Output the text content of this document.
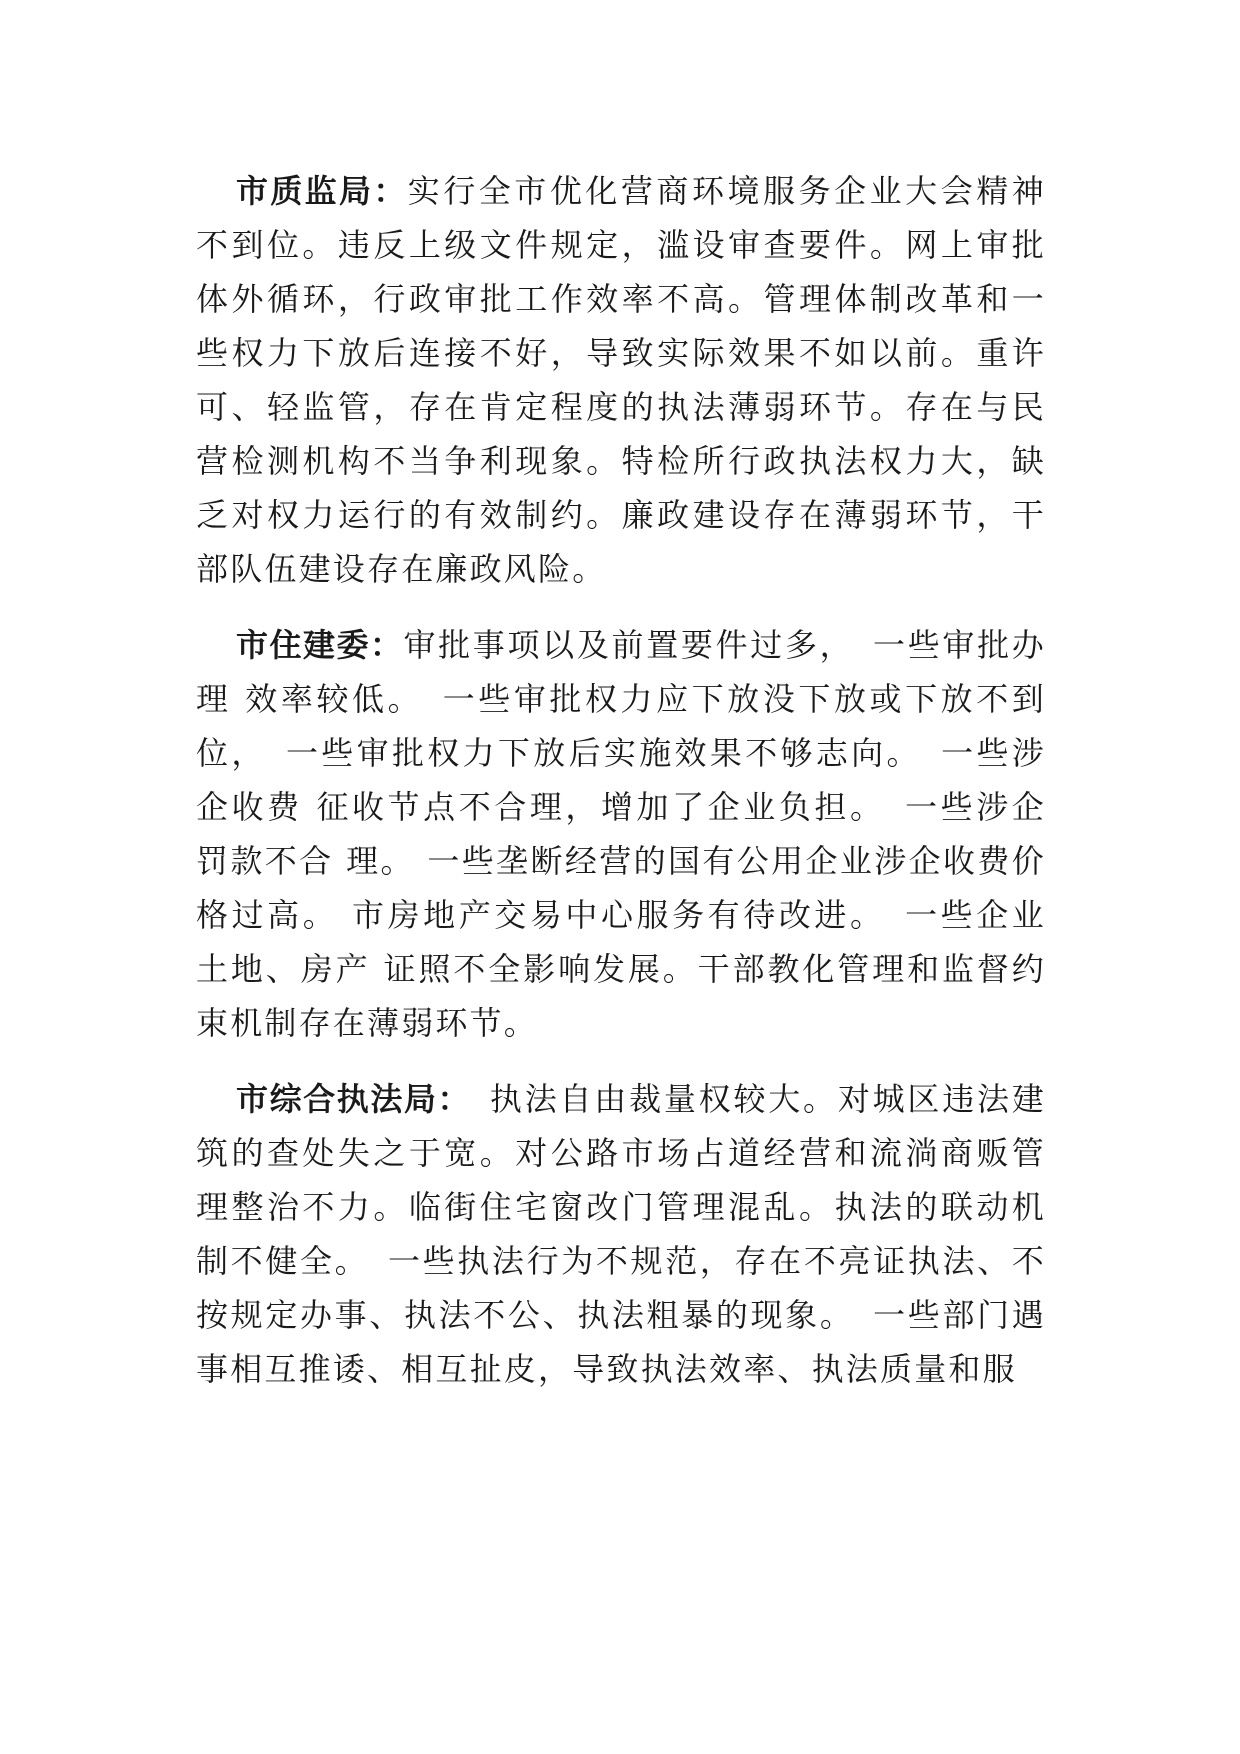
市质监局：实行全市优化营商环境服务企业大会精神不到位。违反上级文件规定，滥设审查要件。网上审批体外循环，行政审批工作效率不高。管理体制改革和一些权力下放后连接不好，导致实际效果不如以前。重许可、轻监管，存在肯定程度的执法薄弱环节。存在与民营检测机构不当争利现象。特检所行政执法权力大，缺乏对权力运行的有效制约。廉政建设存在薄弱环节，干部队伍建设存在廉政风险。

市住建委：审批事项以及前置要件过多，　一些审批办理 效率较低。　一些审批权力应下放没下放或下放不到位，　一些审批权力下放后实施效果不够志向。　一些涉企收费 征收节点不合理，增加了企业负担。　一些涉企罚款不合 理。 一些垄断经营的国有公用企业涉企收费价格过高。 市房地产交易中心服务有待改进。　一些企业土地、房产 证照不全影响发展。干部教化管理和监督约束机制存在薄弱环节。

市综合执法局：　执法自由裁量权较大。对城区违法建筑的查处失之于宽。对公路市场占道经营和流淌商贩管理整治不力。临街住宅窗改门管理混乱。执法的联动机制不健全。　一些执法行为不规范，存在不亮证执法、不按规定办事、执法不公、执法粗暴的现象。　一些部门遇事相互推诿、相互扯皮，导致执法效率、执法质量和服
